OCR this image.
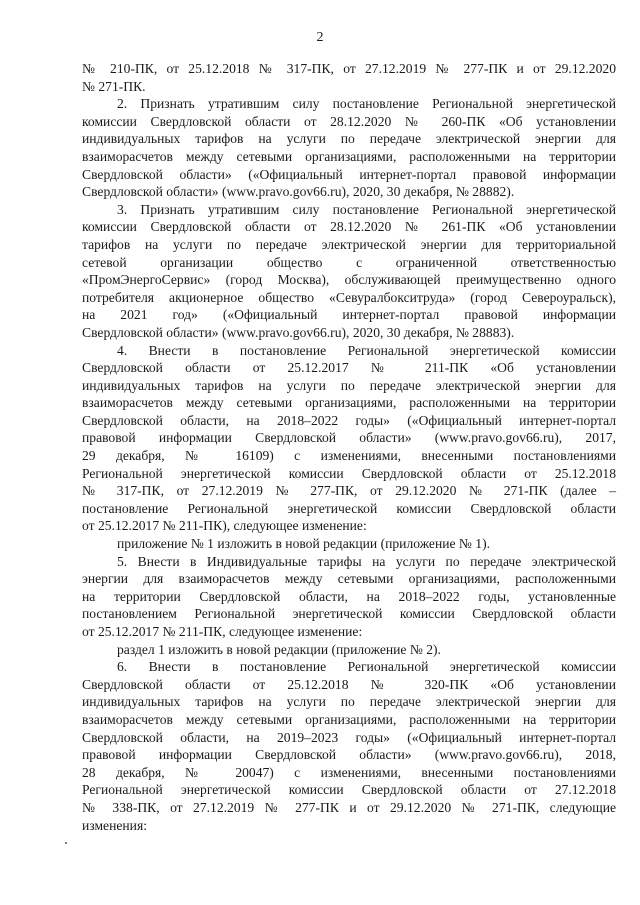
2

№ 210-ПК, от 25.12.2018 № 317-ПК, от 27.12.2019 № 277-ПК и от 29.12.2020

№ 271-ПК.

2. Признать утратившим силу постановление Региональной энергетической

комиссии Свердловской области от 28.12.2020 № 260-ПК «Об установлении

индивидуальных тарифов на услуги по передаче электрической энергии для

взаиморасчетов между сетевыми организациями, расположенными на территории

Свердловской области» («Официальный интернет-портал правовой информации

Свердловской области» (www.pravo.gov66.ru), 2020, 30 декабря, № 28882).

3. Признать утратившим силу постановление Региональной энергетической

комиссии Свердловской области от 28.12.2020 № 261-ПК «Об установлении

тарифов на услуги по передаче электрической энергии для территориальной

сетевой организации общество с ограниченной ответственностью

«ПромЭнергоСервис» (город Москва), обслуживающей преимущественно одного

потребителя акционерное общество «Севуралбокситруда» (город Североуральск),

на 2021 год» («Официальный интернет-портал правовой информации

Свердловской области» (www.pravo.gov66.ru), 2020, 30 декабря, № 28883).

4. Внести в постановление Региональной энергетической комиссии

Свердловской области от 25.12.2017 № 211-ПК «Об установлении

индивидуальных тарифов на услуги по передаче электрической энергии для

взаиморасчетов между сетевыми организациями, расположенными на территории

Свердловской области, на 2018–2022 годы» («Официальный интернет-портал

правовой информации Свердловской области» (www.pravo.gov66.ru), 2017,

29 декабря, № 16109) с изменениями, внесенными постановлениями

Региональной энергетической комиссии Свердловской области от 25.12.2018

№ 317-ПК, от 27.12.2019 № 277-ПК, от 29.12.2020 № 271-ПК (далее –

постановление Региональной энергетической комиссии Свердловской области

от 25.12.2017 № 211-ПК), следующее изменение:

приложение № 1 изложить в новой редакции (приложение № 1).

5. Внести в Индивидуальные тарифы на услуги по передаче электрической

энергии для взаиморасчетов между сетевыми организациями, расположенными

на территории Свердловской области, на 2018–2022 годы, установленные

постановлением Региональной энергетической комиссии Свердловской области

от 25.12.2017 № 211-ПК, следующее изменение:

раздел 1 изложить в новой редакции (приложение № 2).

6. Внести в постановление Региональной энергетической комиссии

Свердловской области от 25.12.2018 № 320-ПК «Об установлении

индивидуальных тарифов на услуги по передаче электрической энергии для

взаиморасчетов между сетевыми организациями, расположенными на территории

Свердловской области, на 2019–2023 годы» («Официальный интернет-портал

правовой информации Свердловской области» (www.pravo.gov66.ru), 2018,

28 декабря, № 20047) с изменениями, внесенными постановлениями

Региональной энергетической комиссии Свердловской области от 27.12.2018

№ 338-ПК, от 27.12.2019 № 277-ПК и от 29.12.2020 № 271-ПК, следующие

изменения:
